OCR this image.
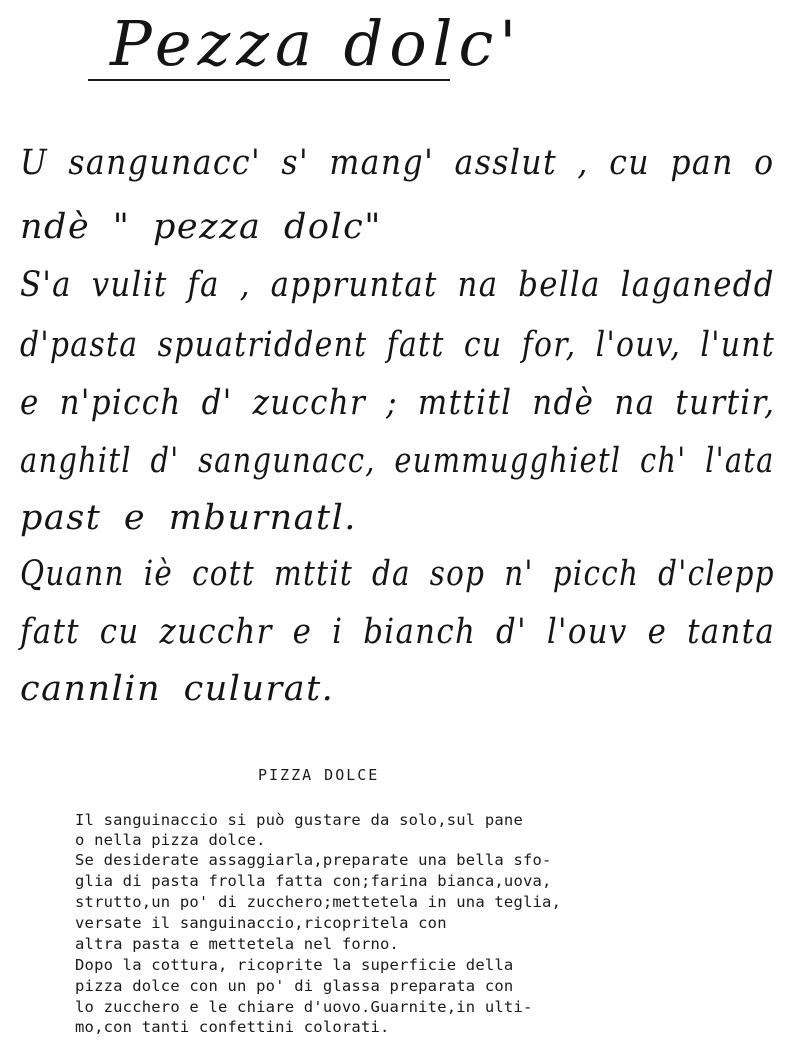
Pezza dolc'
U sangunacc' s' mang' asslut , cu pan o
ndè " pezza dolc"
S'a vulit fa , appruntat na bella laganedd
d'pasta spuatriddent fatt cu for, l'ouv, l'unt
e n'picch d' zucchr ; mttitl ndè na turtir,
anghitl d' sangunacc, eummugghietl ch' l'ata
past e mburnatl.
Quann iè cott mttit da sop n' picch d'clepp
fatt cu zucchr e i bianch d' l'ouv e tanta
cannlin culurat.
PIZZA DOLCE
Il sanguinaccio si può gustare da solo,sul pane
o nella pizza dolce.
Se desiderate assaggiarla,preparate una bella sfo-
glia di pasta frolla fatta con;farina bianca,uova,
strutto,un po' di zucchero;mettetela in una teglia,
versate il sanguinaccio,ricopritela con
altra pasta e mettetela nel forno.
Dopo la cottura, ricoprite la superficie della
pizza dolce con un po' di glassa preparata con
lo zucchero e le chiare d'uovo.Guarnite,in ulti-
mo,con tanti confettini colorati.
